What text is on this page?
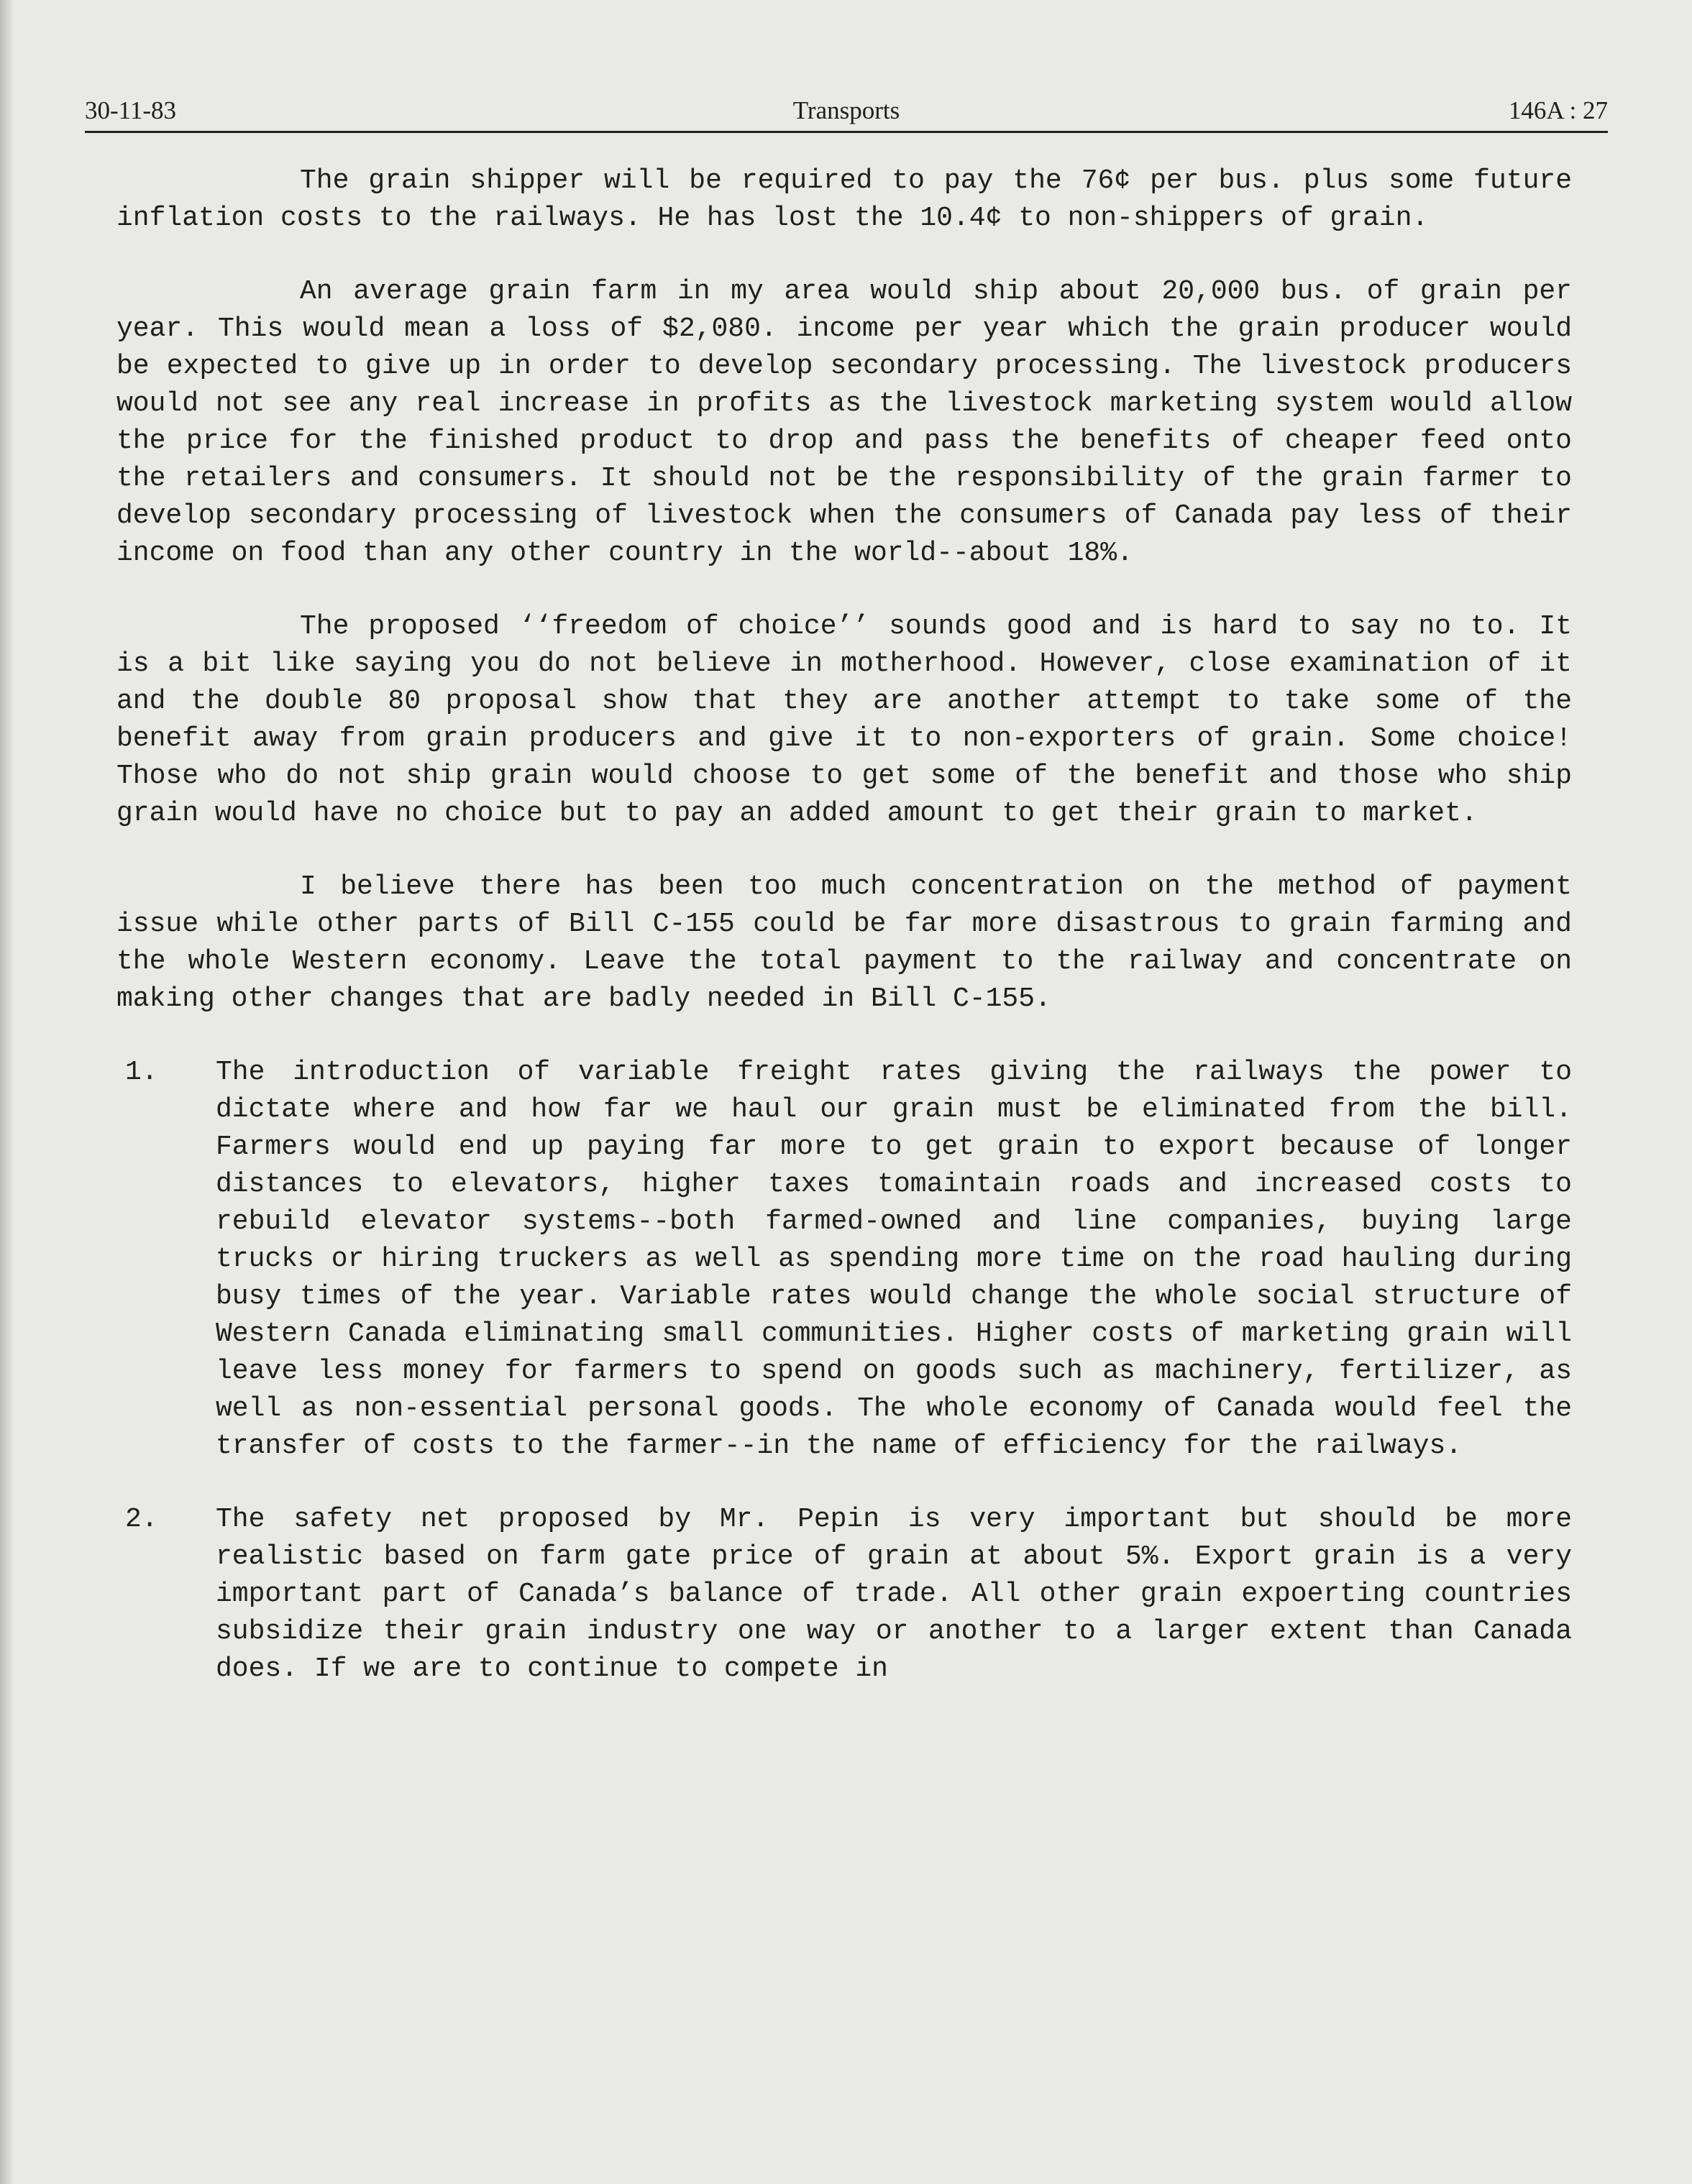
30-11-83	Transports	146A : 27

The grain shipper will be required to pay the 76¢ per bus. plus some future inflation costs to the railways. He has lost the 10.4¢ to non-shippers of grain.

An average grain farm in my area would ship about 20,000 bus. of grain per year. This would mean a loss of $2,080. income per year which the grain producer would be expected to give up in order to develop secondary processing. The livestock producers would not see any real increase in profits as the livestock marketing system would allow the price for the finished product to drop and pass the benefits of cheaper feed onto the retailers and consumers. It should not be the responsibility of the grain farmer to develop secondary processing of livestock when the consumers of Canada pay less of their income on food than any other country in the world--about 18%.

The proposed ‘‘freedom of choice’’ sounds good and is hard to say no to. It is a bit like saying you do not believe in motherhood. However, close examination of it and the double 80 proposal show that they are another attempt to take some of the benefit away from grain producers and give it to non-exporters of grain. Some choice! Those who do not ship grain would choose to get some of the benefit and those who ship grain would have no choice but to pay an added amount to get their grain to market.

I believe there has been too much concentration on the method of payment issue while other parts of Bill C-155 could be far more disastrous to grain farming and the whole Western economy. Leave the total payment to the railway and concentrate on making other changes that are badly needed in Bill C-155.

1. The introduction of variable freight rates giving the railways the power to dictate where and how far we haul our grain must be eliminated from the bill. Farmers would end up paying far more to get grain to export because of longer distances to elevators, higher taxes tomaintain roads and increased costs to rebuild elevator systems--both farmed-owned and line companies, buying large trucks or hiring truckers as well as spending more time on the road hauling during busy times of the year. Variable rates would change the whole social structure of Western Canada eliminating small communities. Higher costs of marketing grain will leave less money for farmers to spend on goods such as machinery, fertilizer, as well as non-essential personal goods. The whole economy of Canada would feel the transfer of costs to the farmer--in the name of efficiency for the railways.
2. The safety net proposed by Mr. Pepin is very important but should be more realistic based on farm gate price of grain at about 5%. Export grain is a very important part of Canada’s balance of trade. All other grain expoerting countries subsidize their grain industry one way or another to a larger extent than Canada does. If we are to continue to compete in
